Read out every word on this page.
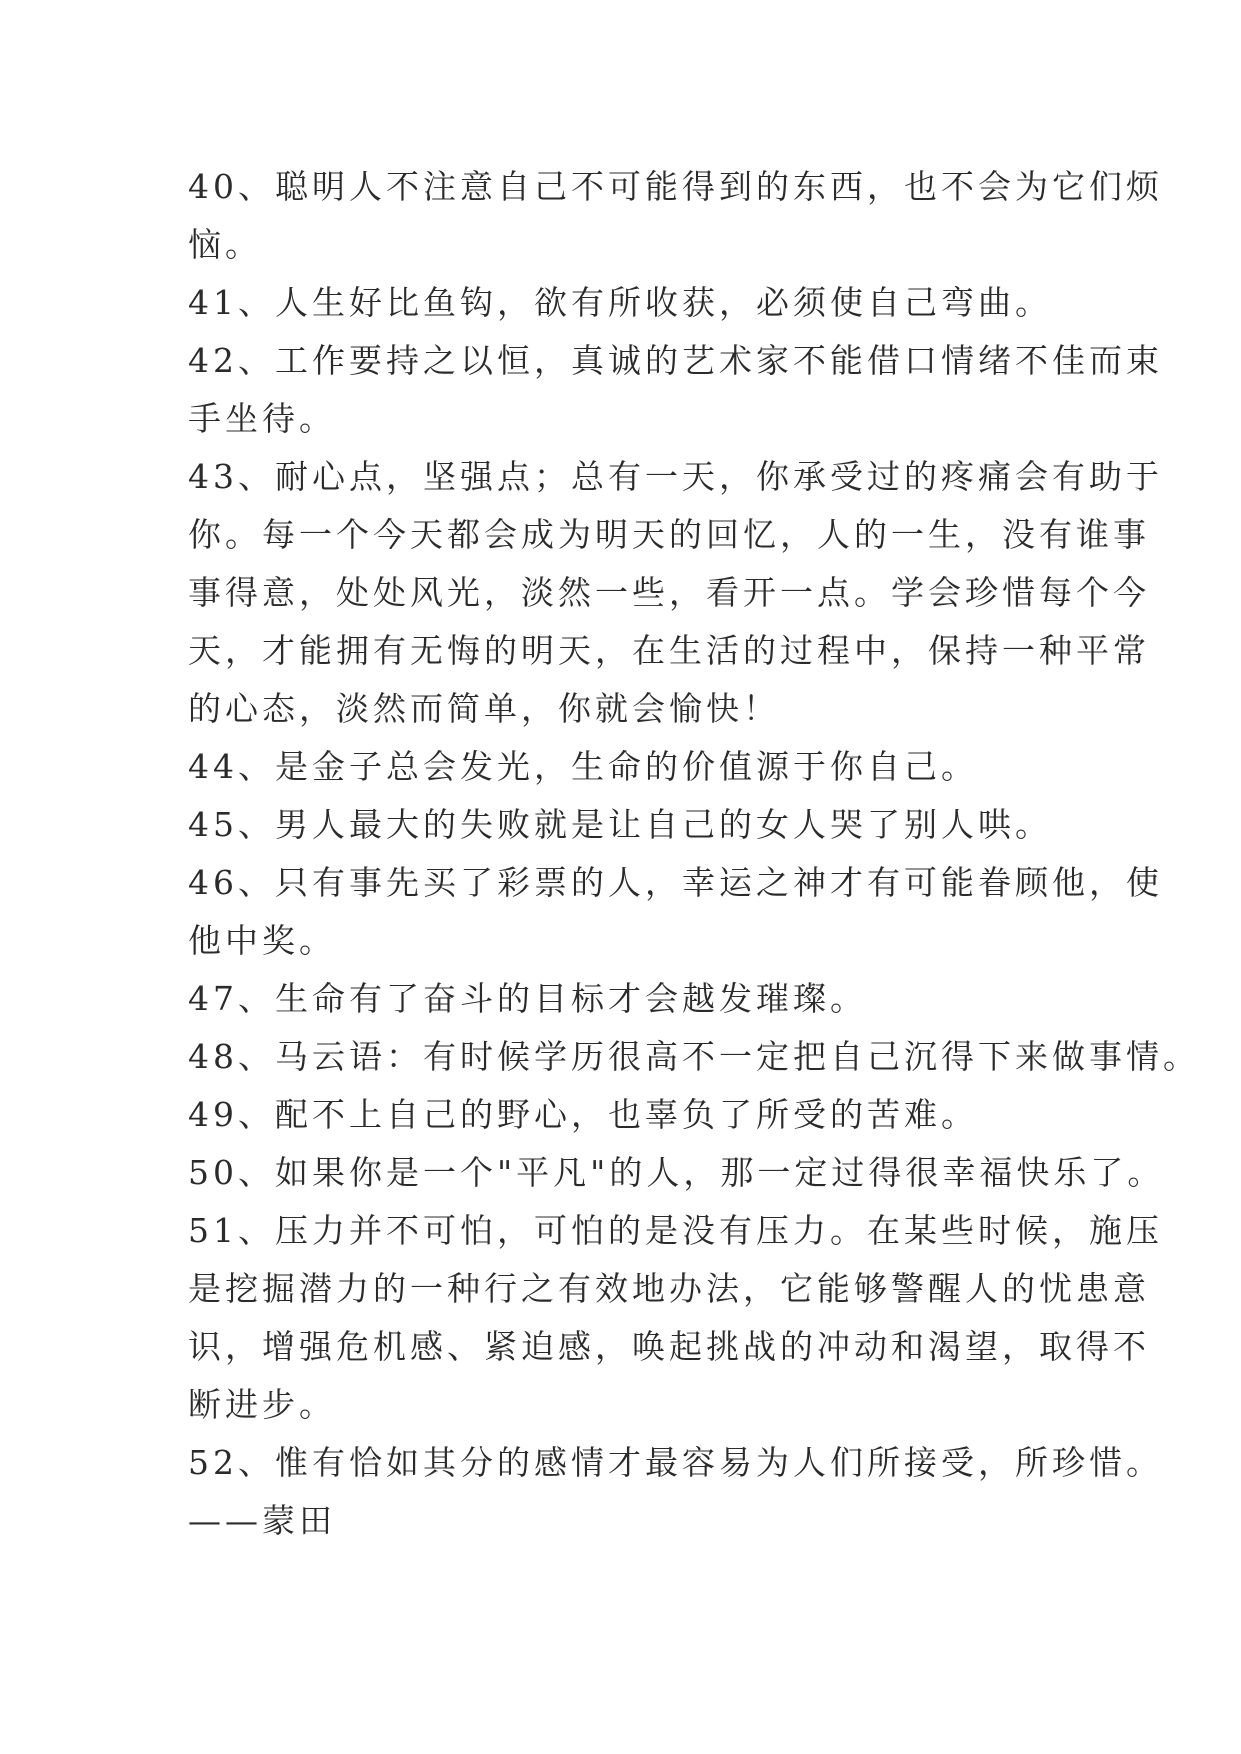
40、聪明人不注意自己不可能得到的东西，也不会为它们烦
恼。

41、人生好比鱼钩，欲有所收获，必须使自己弯曲。

42、工作要持之以恒，真诚的艺术家不能借口情绪不佳而束
手坐待。

43、耐心点，坚强点；总有一天，你承受过的疼痛会有助于
你。每一个今天都会成为明天的回忆，人的一生，没有谁事
事得意，处处风光，淡然一些，看开一点。学会珍惜每个今
天，才能拥有无悔的明天，在生活的过程中，保持一种平常
的心态，淡然而简单，你就会愉快！

44、是金子总会发光，生命的价值源于你自己。

45、男人最大的失败就是让自己的女人哭了别人哄。

46、只有事先买了彩票的人，幸运之神才有可能眷顾他，使
他中奖。

47、生命有了奋斗的目标才会越发璀璨。

48、马云语：有时候学历很高不一定把自己沉得下来做事情。

49、配不上自己的野心，也辜负了所受的苦难。

50、如果你是一个"平凡"的人，那一定过得很幸福快乐了。

51、压力并不可怕，可怕的是没有压力。在某些时候，施压
是挖掘潜力的一种行之有效地办法，它能够警醒人的忧患意
识，增强危机感、紧迫感，唤起挑战的冲动和渴望，取得不
断进步。

52、惟有恰如其分的感情才最容易为人们所接受，所珍惜。
——蒙田
